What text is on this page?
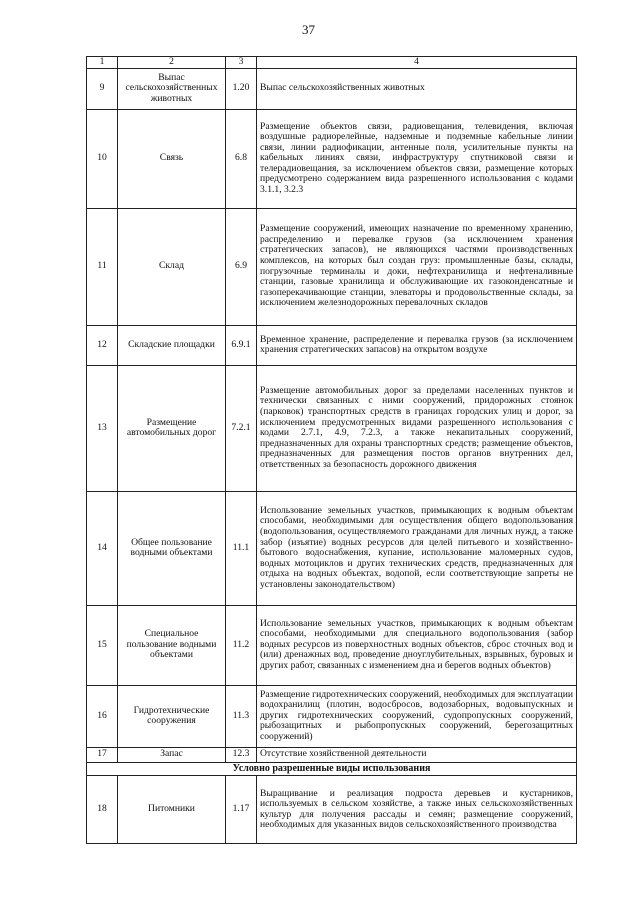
37
1	2	3	4
9	Выпас сельскохозяйственных животных	1.20	Выпас сельскохозяйственных животных
10	Связь	6.8	Размещение объектов связи, радиовещания, телевидения, включая воздушные радиорелейные, надземные и подземные кабельные линии связи, линии радиофикации, антенные поля, усилительные пункты на кабельных линиях связи, инфраструктуру спутниковой связи и телерадиовещания, за исключением объектов связи, размещение которых предусмотрено содержанием вида разрешенного использования с кодами 3.1.1, 3.2.3
11	Склад	6.9	Размещение сооружений, имеющих назначение по временному хранению, распределению и перевалке грузов (за исключением хранения стратегических запасов), не являющихся частями производственных комплексов, на которых был создан груз: промышленные базы, склады, погрузочные терминалы и доки, нефтехранилища и нефтеналивные станции, газовые хранилища и обслуживающие их газоконденсатные и газоперекачивающие станции, элеваторы и продовольственные склады, за исключением железнодорожных перевалочных складов
12	Складские площадки	6.9.1	Временное хранение, распределение и перевалка грузов (за исключением хранения стратегических запасов) на открытом воздухе
13	Размещение автомобильных дорог	7.2.1	Размещение автомобильных дорог за пределами населенных пунктов и технически связанных с ними сооружений, придорожных стоянок (парковок) транспортных средств в границах городских улиц и дорог, за исключением предусмотренных видами разрешенного использования с кодами 2.7.1, 4.9, 7.2.3, а также некапитальных сооружений, предназначенных для охраны транспортных средств; размещение объектов, предназначенных для размещения постов органов внутренних дел, ответственных за безопасность дорожного движения
14	Общее пользование водными объектами	11.1	Использование земельных участков, примыкающих к водным объектам способами, необходимыми для осуществления общего водопользования (водопользования, осуществляемого гражданами для личных нужд, а также забор (изъятие) водных ресурсов для целей питьевого и хозяйственно-бытового водоснабжения, купание, использование маломерных судов, водных мотоциклов и других технических средств, предназначенных для отдыха на водных объектах, водопой, если соответствующие запреты не установлены законодательством)
15	Специальное пользование водными объектами	11.2	Использование земельных участков, примыкающих к водным объектам способами, необходимыми для специального водопользования (забор водных ресурсов из поверхностных водных объектов, сброс сточных вод и (или) дренажных вод, проведение дноуглубительных, взрывных, буровых и других работ, связанных с изменением дна и берегов водных объектов)
16	Гидротехнические сооружения	11.3	Размещение гидротехнических сооружений, необходимых для эксплуатации водохранилищ (плотин, водосбросов, водозаборных, водовыпускных и других гидротехнических сооружений, судопропускных сооружений, рыбозащитных и рыбопропускных сооружений, берегозащитных сооружений)
17	Запас	12.3	Отсутствие хозяйственной деятельности
Условно разрешенные виды использования			
18	Питомники	1.17	Выращивание и реализация подроста деревьев и кустарников, используемых в сельском хозяйстве, а также иных сельскохозяйственных культур для получения рассады и семян; размещение сооружений, необходимых для указанных видов сельскохозяйственного производства
